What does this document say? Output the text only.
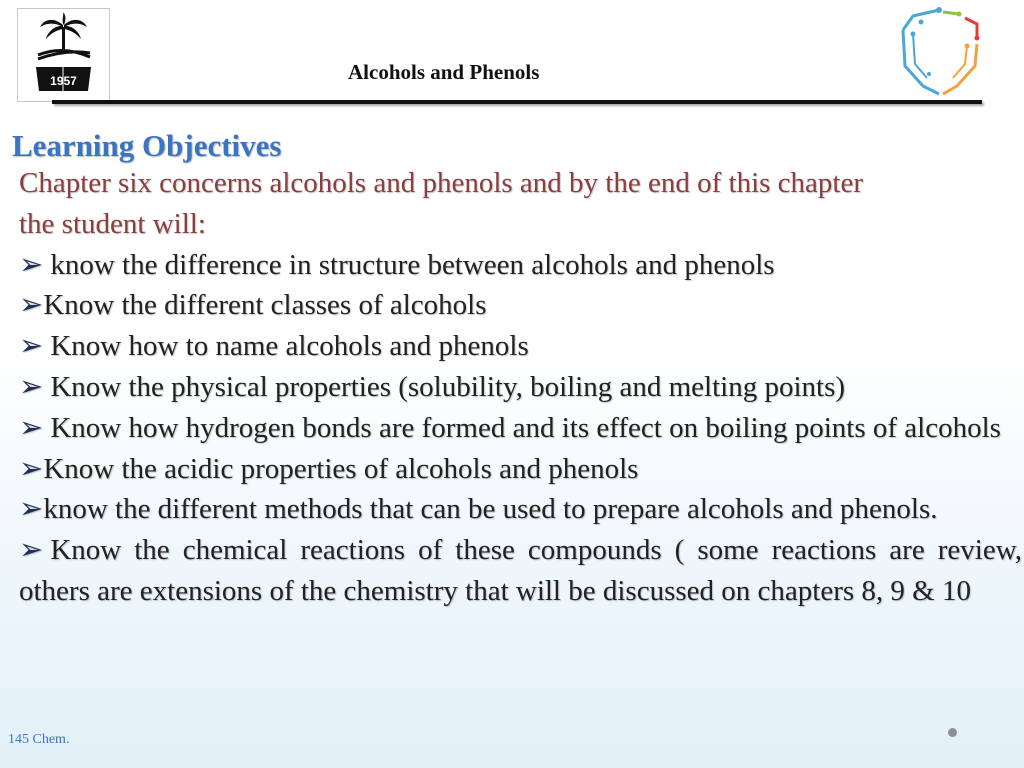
1957	Alcohols and Phenols
Learning Objectives

Chapter six concerns alcohols and phenols and by the end of this chapter

the student will:

➢ know the difference in structure between alcohols and phenols

➢Know the different classes of alcohols

➢ Know how to name alcohols and phenols

➢ Know the physical properties (solubility, boiling and melting points)

➢ Know how hydrogen bonds are formed and its effect on boiling points of alcohols

➢Know the acidic properties of alcohols and phenols

➢know the different methods that can be used to prepare alcohols and phenols.

➢ Know the chemical reactions of these compounds ( some reactions are review, others are extensions of the chemistry that will be discussed on chapters 8, 9 & 10

145 Chem.
